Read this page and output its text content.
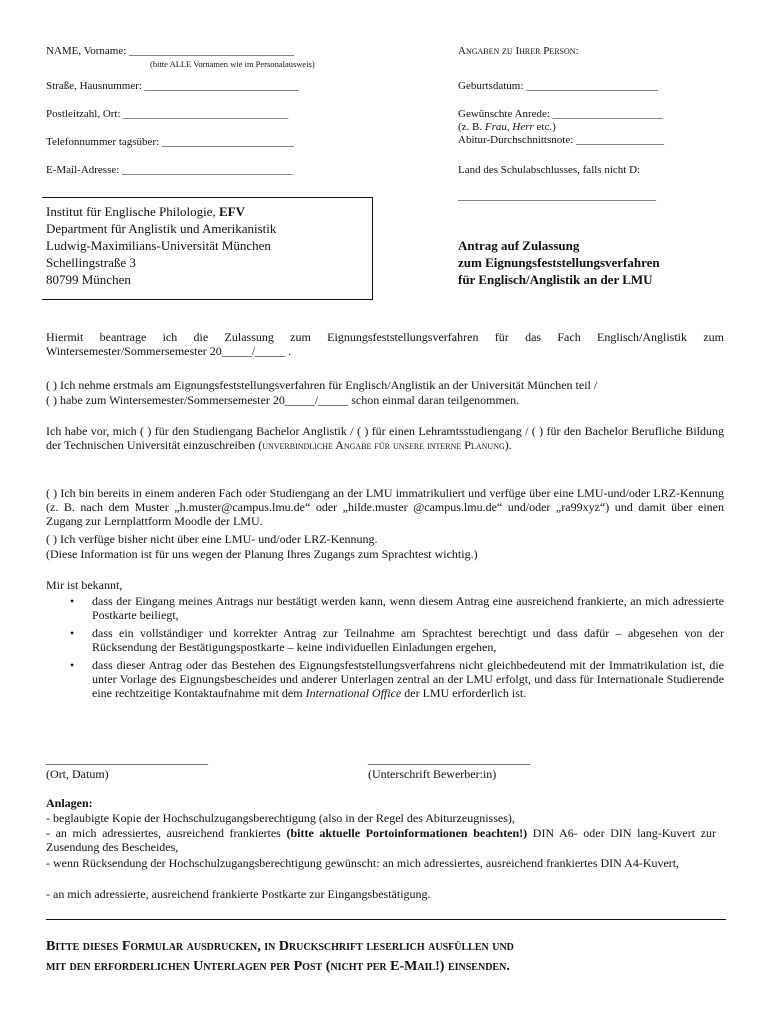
NAME, Vorname: ______________________________
(bitte ALLE Vornamen wie im Personalausweis)
Straße, Hausnummer: ____________________________
Postleitzahl, Ort: ______________________________
Telefonnummer tagsüber: ________________________
E-Mail-Adresse: _______________________________
Angaben zu Ihrer Person:
Geburtsdatum: ________________________
Gewünschte Anrede: ____________________
(z. B. Frau, Herr etc.)
Abitur-Durchschnittsnote: ________________
Land des Schulabschlusses, falls nicht D:
____________________________________
Institut für Englische Philologie, EFV
Department für Anglistik und Amerikanistik
Ludwig-Maximilians-Universität München
Schellingstraße 3
80799 München
Antrag auf Zulassung
zum Eignungsfeststellungsverfahren
für Englisch/Anglistik an der LMU
Hiermit beantrage ich die Zulassung zum Eignungsfeststellungsverfahren für das Fach Englisch/Anglistik zum Wintersemester/Sommersemester 20_____/_____ .
( ) Ich nehme erstmals am Eignungsfeststellungsverfahren für Englisch/Anglistik an der Universität München teil /
( ) habe zum Wintersemester/Sommersemester 20_____/_____ schon einmal daran teilgenommen.
Ich habe vor, mich ( ) für den Studiengang Bachelor Anglistik / ( ) für einen Lehramtsstudiengang / ( ) für den Bachelor Berufliche Bildung der Technischen Universität einzuschreiben (unverbindliche Angabe für unsere interne Planung).
( ) Ich bin bereits in einem anderen Fach oder Studiengang an der LMU immatrikuliert und verfüge über eine LMU-und/oder LRZ-Kennung (z. B. nach dem Muster „h.muster@campus.lmu.de“ oder „hilde.muster @campus.lmu.de“ und/oder „ra99xyz“) und damit über einen Zugang zur Lernplattform Moodle der LMU.
( ) Ich verfüge bisher nicht über eine LMU- und/oder LRZ-Kennung.
(Diese Information ist für uns wegen der Planung Ihres Zugangs zum Sprachtest wichtig.)
Mir ist bekannt,
• dass der Eingang meines Antrags nur bestätigt werden kann, wenn diesem Antrag eine ausreichend frankierte, an mich adressierte Postkarte beiliegt,
• dass ein vollständiger und korrekter Antrag zur Teilnahme am Sprachtest berechtigt und dass dafür – abgesehen von der Rücksendung der Bestätigungspostkarte – keine individuellen Einladungen ergehen,
• dass dieser Antrag oder das Bestehen des Eignungsfeststellungsverfahrens nicht gleichbedeutend mit der Immatrikulation ist, die unter Vorlage des Eignungsbescheides und anderer Unterlagen zentral an der LMU erfolgt, und dass für Internationale Studierende eine rechtzeitige Kontaktaufnahme mit dem International Office der LMU erforderlich ist.
___________________________
(Ort, Datum)
___________________________
(Unterschrift Bewerber:in)
Anlagen:
- beglaubigte Kopie der Hochschulzugangsberechtigung (also in der Regel des Abiturzeugnisses),
- an mich adressiertes, ausreichend frankiertes (bitte aktuelle Portoinformationen beachten!) DIN A6- oder DIN lang-Kuvert zur Zusendung des Bescheides,
- wenn Rücksendung der Hochschulzugangsberechtigung gewünscht: an mich adressiertes, ausreichend frankiertes DIN A4-Kuvert,
- an mich adressierte, ausreichend frankierte Postkarte zur Eingangsbestätigung.
Bitte dieses Formular ausdrucken, in Druckschrift leserlich ausfüllen und
mit den erforderlichen Unterlagen per Post (nicht per E-Mail!) einsenden.
